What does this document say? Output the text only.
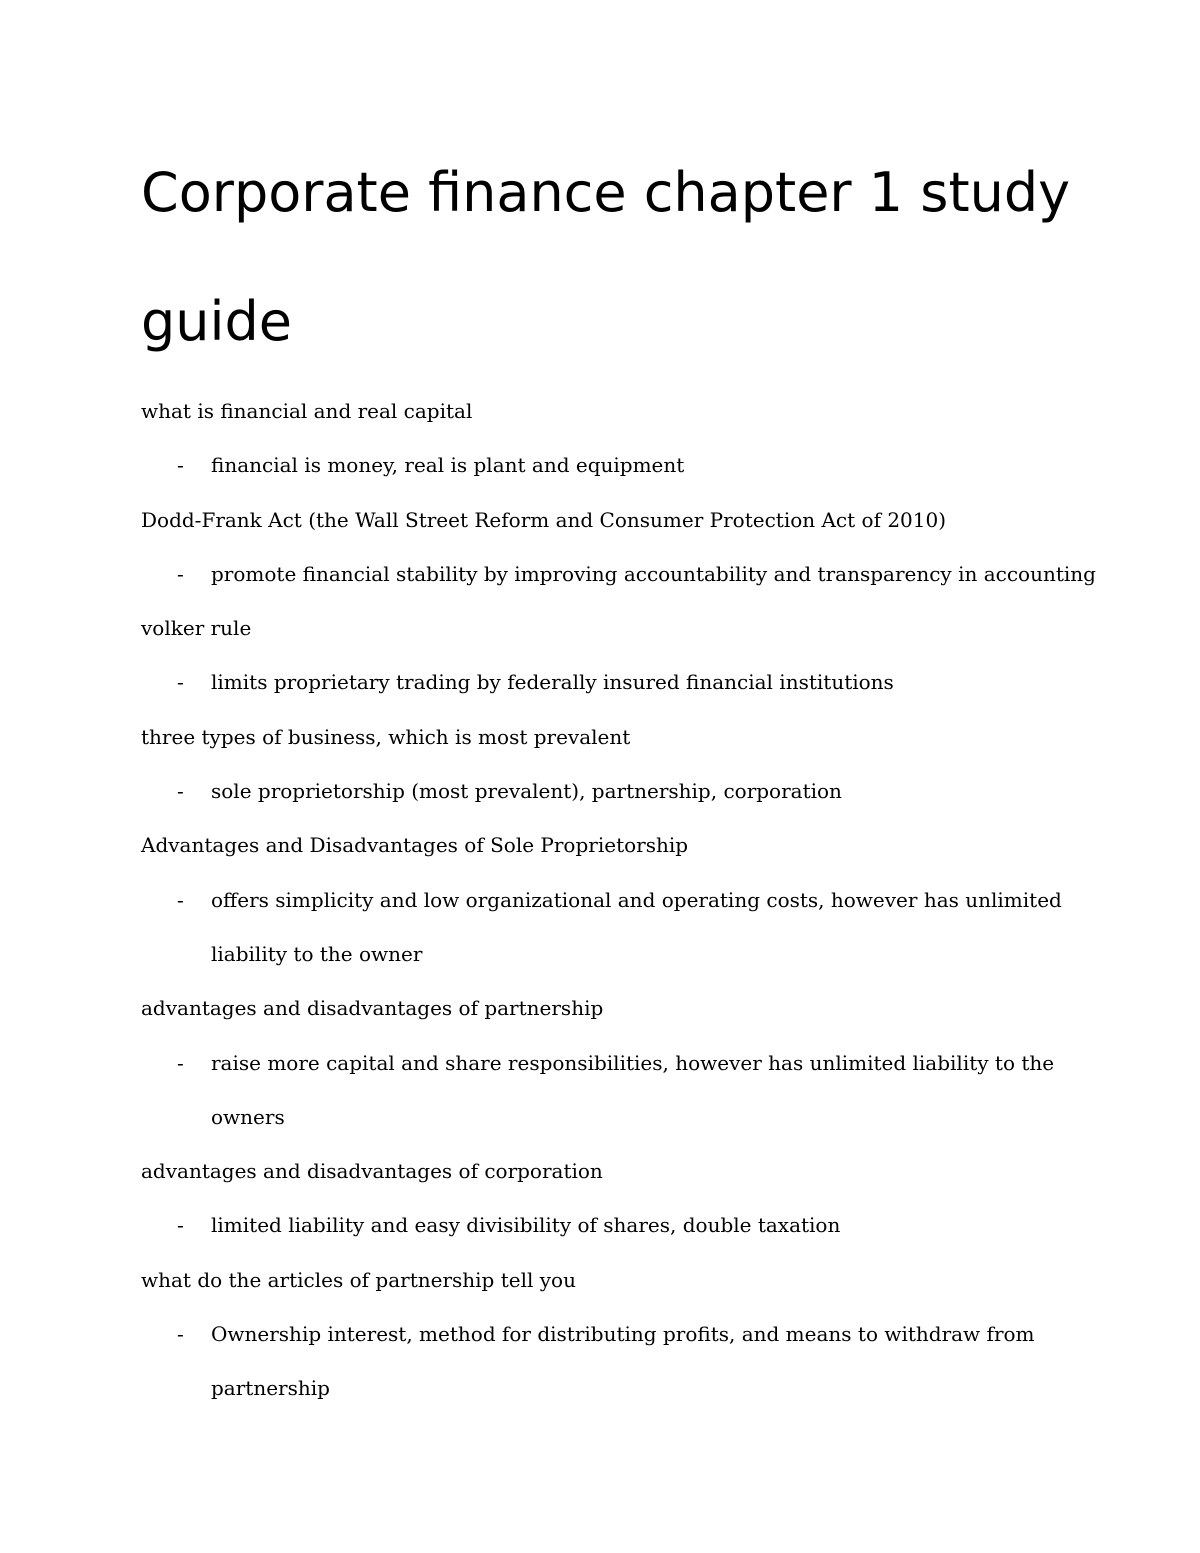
Corporate finance chapter 1 study guide
what is financial and real capital
- financial is money, real is plant and equipment
Dodd-Frank Act (the Wall Street Reform and Consumer Protection Act of 2010)
- promote financial stability by improving accountability and transparency in accounting
volker rule
- limits proprietary trading by federally insured financial institutions
three types of business, which is most prevalent
- sole proprietorship (most prevalent), partnership, corporation
Advantages and Disadvantages of Sole Proprietorship
- offers simplicity and low organizational and operating costs, however has unlimited
liability to the owner
advantages and disadvantages of partnership
- raise more capital and share responsibilities, however has unlimited liability to the
owners
advantages and disadvantages of corporation
- limited liability and easy divisibility of shares, double taxation
what do the articles of partnership tell you
- Ownership interest, method for distributing profits, and means to withdraw from
partnership
